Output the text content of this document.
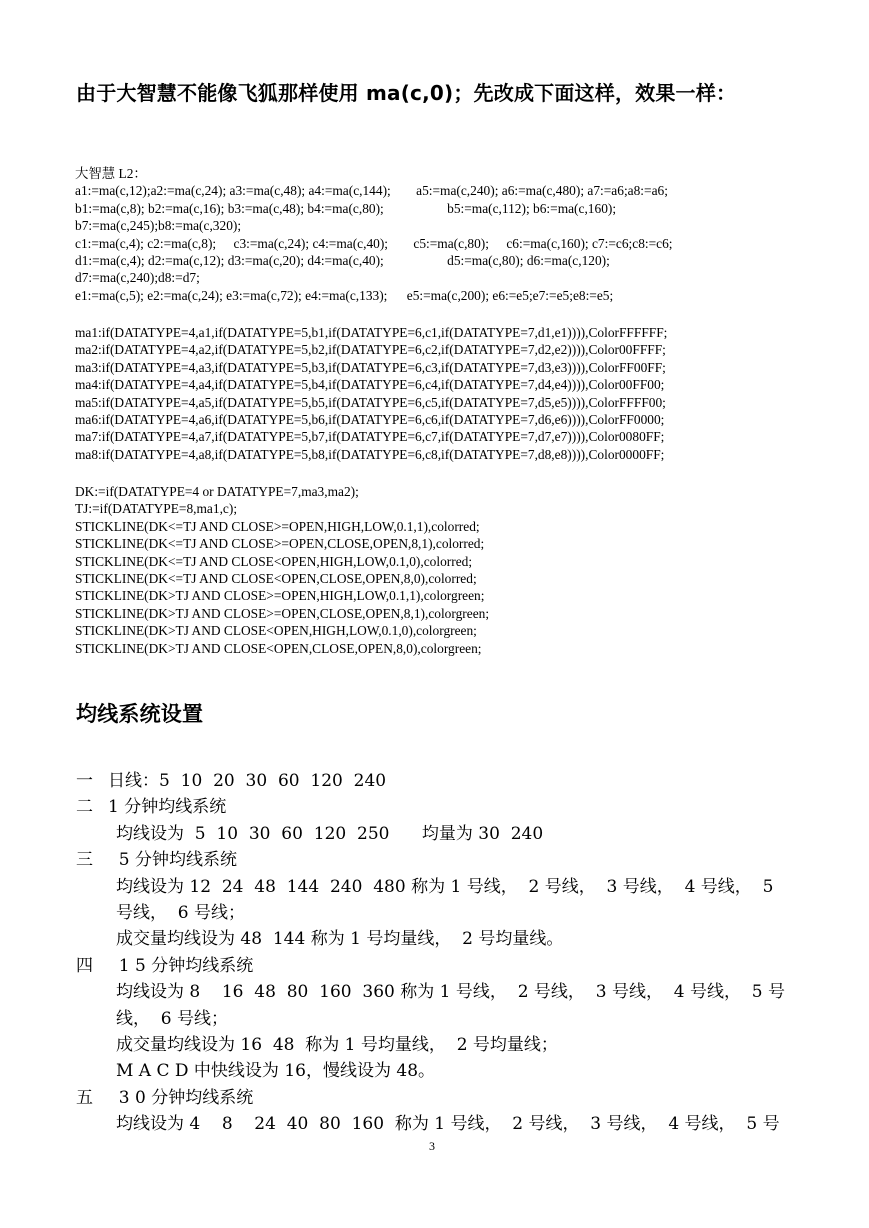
由于大智慧不能像飞狐那样使用 ma(c,0)；先改成下面这样，效果一样：
大智慧 L2：
a1:=ma(c,12);a2:=ma(c,24); a3:=ma(c,48); a4:=ma(c,144); a5:=ma(c,240); a6:=ma(c,480); a7:=a6;a8:=a6;
b1:=ma(c,8); b2:=ma(c,16); b3:=ma(c,48); b4:=ma(c,80);	b5:=ma(c,112); b6:=ma(c,160);
b7:=ma(c,245);b8:=ma(c,320);
c1:=ma(c,4); c2:=ma(c,8); c3:=ma(c,24); c4:=ma(c,40); c5:=ma(c,80); c6:=ma(c,160); c7:=c6;c8:=c6;
d1:=ma(c,4); d2:=ma(c,12); d3:=ma(c,20); d4:=ma(c,40);	d5:=ma(c,80); d6:=ma(c,120);
d7:=ma(c,240);d8:=d7;
e1:=ma(c,5); e2:=ma(c,24); e3:=ma(c,72); e4:=ma(c,133); e5:=ma(c,200); e6:=e5;e7:=e5;e8:=e5;
ma1:if(DATATYPE=4,a1,if(DATATYPE=5,b1,if(DATATYPE=6,c1,if(DATATYPE=7,d1,e1)))),ColorFFFFFF;
ma2:if(DATATYPE=4,a2,if(DATATYPE=5,b2,if(DATATYPE=6,c2,if(DATATYPE=7,d2,e2)))),Color00FFFF;
ma3:if(DATATYPE=4,a3,if(DATATYPE=5,b3,if(DATATYPE=6,c3,if(DATATYPE=7,d3,e3)))),ColorFF00FF;
ma4:if(DATATYPE=4,a4,if(DATATYPE=5,b4,if(DATATYPE=6,c4,if(DATATYPE=7,d4,e4)))),Color00FF00;
ma5:if(DATATYPE=4,a5,if(DATATYPE=5,b5,if(DATATYPE=6,c5,if(DATATYPE=7,d5,e5)))),ColorFFFF00;
ma6:if(DATATYPE=4,a6,if(DATATYPE=5,b6,if(DATATYPE=6,c6,if(DATATYPE=7,d6,e6)))),ColorFF0000;
ma7:if(DATATYPE=4,a7,if(DATATYPE=5,b7,if(DATATYPE=6,c7,if(DATATYPE=7,d7,e7)))),Color0080FF;
ma8:if(DATATYPE=4,a8,if(DATATYPE=5,b8,if(DATATYPE=6,c8,if(DATATYPE=7,d8,e8)))),Color0000FF;
DK:=if(DATATYPE=4 or DATATYPE=7,ma3,ma2);
TJ:=if(DATATYPE=8,ma1,c);
STICKLINE(DK<=TJ AND CLOSE>=OPEN,HIGH,LOW,0.1,1),colorred;
STICKLINE(DK<=TJ AND CLOSE>=OPEN,CLOSE,OPEN,8,1),colorred;
STICKLINE(DK<=TJ AND CLOSE<OPEN,HIGH,LOW,0.1,0),colorred;
STICKLINE(DK<=TJ AND CLOSE<OPEN,CLOSE,OPEN,8,0),colorred;
STICKLINE(DK>TJ AND CLOSE>=OPEN,HIGH,LOW,0.1,1),colorgreen;
STICKLINE(DK>TJ AND CLOSE>=OPEN,CLOSE,OPEN,8,1),colorgreen;
STICKLINE(DK>TJ AND CLOSE<OPEN,HIGH,LOW,0.1,0),colorgreen;
STICKLINE(DK>TJ AND CLOSE<OPEN,CLOSE,OPEN,8,0),colorgreen;
均线系统设置
一 日线：5  10  20  30  60  120  240
二 1 分钟均线系统
均线设为  5  10  30  60  120  250      均量为 30  240
三 5 分钟均线系统
均线设为 12  24  48  144  240  480 称为 1 号线，  2 号线，  3 号线，  4 号线，  5 号线，  6 号线；
成交量均线设为 48  144 称为 1 号均量线，  2 号均量线。
四 1 5 分钟均线系统
均线设为 8    16  48  80  160  360 称为 1 号线，  2 号线，  3 号线，  4 号线，  5 号线，  6 号线；
成交量均线设为 16  48  称为 1 号均量线，  2 号均量线；
M A C D 中快线设为 16，慢线设为 48。
五 3 0 分钟均线系统
均线设为 4    8    24  40  80  160  称为 1 号线，  2 号线，  3 号线，  4 号线，  5 号
3
